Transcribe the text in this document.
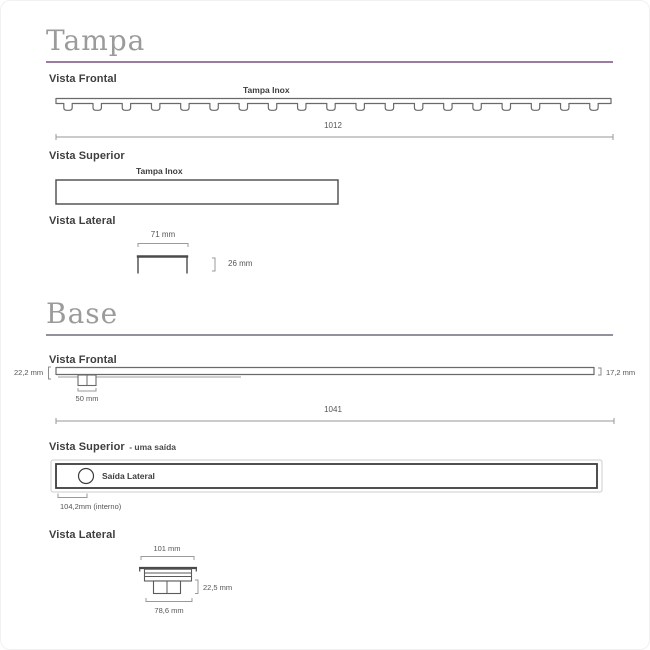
Tampa
Vista Frontal
Tampa Inox
1012
Vista Superior
Tampa Inox
Vista Lateral
71 mm
26 mm
Base
Vista Frontal
22,2 mm	17,2 mm
50 mm
1041
Vista Superior - uma saída
Saída Lateral
104,2mm (interno)
Vista Lateral
101 mm
22,5 mm
78,6 mm
